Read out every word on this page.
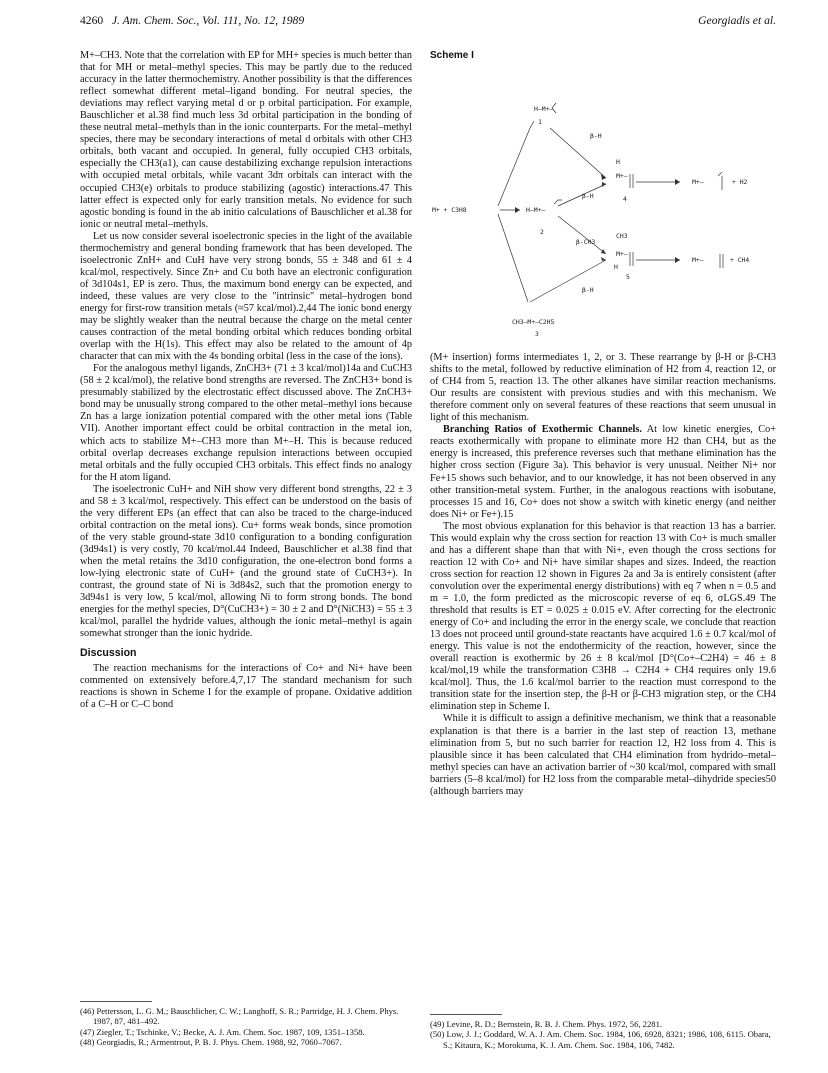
4260 J. Am. Chem. Soc., Vol. 111, No. 12, 1989	Georgiadis et al.

M+–CH3. Note that the correlation with EP for MH+ species is much better than that for MH or metal–methyl species. This may be partly due to the reduced accuracy in the latter thermochemistry. Another possibility is that the differences reflect somewhat different metal–ligand bonding. For neutral species, the deviations may reflect varying metal d or p orbital participation. For example, Bauschlicher et al.38 find much less 3d orbital participation in the bonding of these neutral metal–methyls than in the ionic counterparts. For the metal–methyl species, there may be secondary interactions of metal d orbitals with other CH3 orbitals, both vacant and occupied. In general, fully occupied CH3 orbitals, especially the CH3(a1), can cause destabilizing exchange repulsion interactions with occupied metal orbitals, while vacant 3dπ orbitals can interact with the occupied CH3(e) orbitals to produce stabilizing (agostic) interactions.47 This latter effect is expected only for early transition metals. No evidence for such agostic bonding is found in the ab initio calculations of Bauschlicher et al.38 for ionic or neutral metal–methyls.

Let us now consider several isoelectronic species in the light of the available thermochemistry and general bonding framework that has been developed. The isoelectronic ZnH+ and CuH have very strong bonds, 55 ± 348 and 61 ± 4 kcal/mol, respectively. Since Zn+ and Cu both have an electronic configuration of 3d104s1, EP is zero. Thus, the maximum bond energy can be expected, and indeed, these values are very close to the "intrinsic" metal–hydrogen bond energy for first-row transition metals (≈57 kcal/mol).2,44 The ionic bond energy may be slightly weaker than the neutral because the charge on the metal center causes contraction of the metal bonding orbital which reduces bonding orbital overlap with the H(1s). This effect may also be related to the amount of 4p character that can mix with the 4s bonding orbital (less in the case of the ions).

For the analogous methyl ligands, ZnCH3+ (71 ± 3 kcal/mol)14a and CuCH3 (58 ± 2 kcal/mol), the relative bond strengths are reversed. The ZnCH3+ bond is presumably stabilized by the electrostatic effect discussed above. The ZnCH3+ bond may be unusually strong compared to the other metal–methyl ions because Zn has a large ionization potential compared with the other metal ions (Table VII). Another important effect could be orbital contraction in the metal ion, which acts to stabilize M+–CH3 more than M+–H. This is because reduced orbital overlap decreases exchange repulsion interactions between occupied metal orbitals and the fully occupied CH3 orbitals. This effect finds no analogy for the H atom ligand.

The isoelectronic CuH+ and NiH show very different bond strengths, 22 ± 3 and 58 ± 3 kcal/mol, respectively. This effect can be understood on the basis of the very different EPs (an effect that can also be traced to the charge-induced orbital contraction on the metal ions). Cu+ forms weak bonds, since promotion of the very stable ground-state 3d10 configuration to a bonding configuration (3d94s1) is very costly, 70 kcal/mol.44 Indeed, Bauschlicher et al.38 find that when the metal retains the 3d10 configuration, the one-electron bond forms a low-lying electronic state of CuH+ (and the ground state of CuCH3+). In contrast, the ground state of Ni is 3d84s2, such that the promotion energy to 3d94s1 is very low, 5 kcal/mol, allowing Ni to form strong bonds. The bond energies for the methyl species, D°(CuCH3+) = 30 ± 2 and D°(NiCH3) = 55 ± 3 kcal/mol, parallel the hydride values, although the ionic metal–methyl is again somewhat stronger than the ionic hydride.

Discussion

The reaction mechanisms for the interactions of Co+ and Ni+ have been commented on extensively before.4,7,17 The standard mechanism for such reactions is shown in Scheme I for the example of propane. Oxidative addition of a C–H or C–C bond

Scheme I
M+ + C3H8
H–M+–
1
β-H
H
M+–
4
M+–	+ H2
β-H
H–M+–
2
β-CH3
CH3
M+–
H
5
M+–	+ CH4
β-H
CH3–M+–C2H5
3

(M+ insertion) forms intermediates 1, 2, or 3. These rearrange by β-H or β-CH3 shifts to the metal, followed by reductive elimination of H2 from 4, reaction 12, or of CH4 from 5, reaction 13. The other alkanes have similar reaction mechanisms. Our results are consistent with previous studies and with this mechanism. We therefore comment only on several features of these reactions that seem unusual in light of this mechanism.

Branching Ratios of Exothermic Channels. At low kinetic energies, Co+ reacts exothermically with propane to eliminate more H2 than CH4, but as the energy is increased, this preference reverses such that methane elimination has the higher cross section (Figure 3a). This behavior is very unusual. Neither Ni+ nor Fe+15 shows such behavior, and to our knowledge, it has not been observed in any other transition-metal system. Further, in the analogous reactions with isobutane, processes 15 and 16, Co+ does not show a switch with kinetic energy (and neither does Ni+ or Fe+).15

The most obvious explanation for this behavior is that reaction 13 has a barrier. This would explain why the cross section for reaction 13 with Co+ is much smaller and has a different shape than that with Ni+, even though the cross sections for reaction 12 with Co+ and Ni+ have similar shapes and sizes. Indeed, the reaction cross section for reaction 12 shown in Figures 2a and 3a is entirely consistent (after convolution over the experimental energy distributions) with eq 7 when n = 0.5 and m = 1.0, the form predicted as the microscopic reverse of eq 6, σLGS.49 The threshold that results is ET = 0.025 ± 0.015 eV. After correcting for the electronic energy of Co+ and including the error in the energy scale, we conclude that reaction 13 does not proceed until ground-state reactants have acquired 1.6 ± 0.7 kcal/mol of energy. This value is not the endothermicity of the reaction, however, since the overall reaction is exothermic by 26 ± 8 kcal/mol [D°(Co+–C2H4) = 46 ± 8 kcal/mol,19 while the transformation C3H8 → C2H4 + CH4 requires only 19.6 kcal/mol]. Thus, the 1.6 kcal/mol barrier to the reaction must correspond to the transition state for the insertion step, the β-H or β-CH3 migration step, or the CH4 elimination step in Scheme I.

While it is difficult to assign a definitive mechanism, we think that a reasonable explanation is that there is a barrier in the last step of reaction 13, methane elimination from 5, but no such barrier for reaction 12, H2 loss from 4. This is plausible since it has been calculated that CH4 elimination from hydrido–metal–methyl species can have an activation barrier of ~30 kcal/mol, compared with small barriers (5–8 kcal/mol) for H2 loss from the comparable metal–dihydride species50 (although barriers may

(46) Pettersson, L. G. M.; Bauschlicher, C. W.; Langhoff, S. R.; Partridge, H. J. Chem. Phys. 1987, 87, 481–492.

(47) Ziegler, T.; Tschinke, V.; Becke, A. J. Am. Chem. Soc. 1987, 109, 1351–1358.

(48) Georgiadis, R.; Armentrout, P. B. J. Phys. Chem. 1988, 92, 7060–7067.

(49) Levine, R. D.; Bernstein, R. B. J. Chem. Phys. 1972, 56, 2281.

(50) Low, J. J.; Goddard, W. A. J. Am. Chem. Soc. 1984, 106, 6928, 8321; 1986, 108, 6115. Obara, S.; Kitaura, K.; Morokuma, K. J. Am. Chem. Soc. 1984, 106, 7482.
